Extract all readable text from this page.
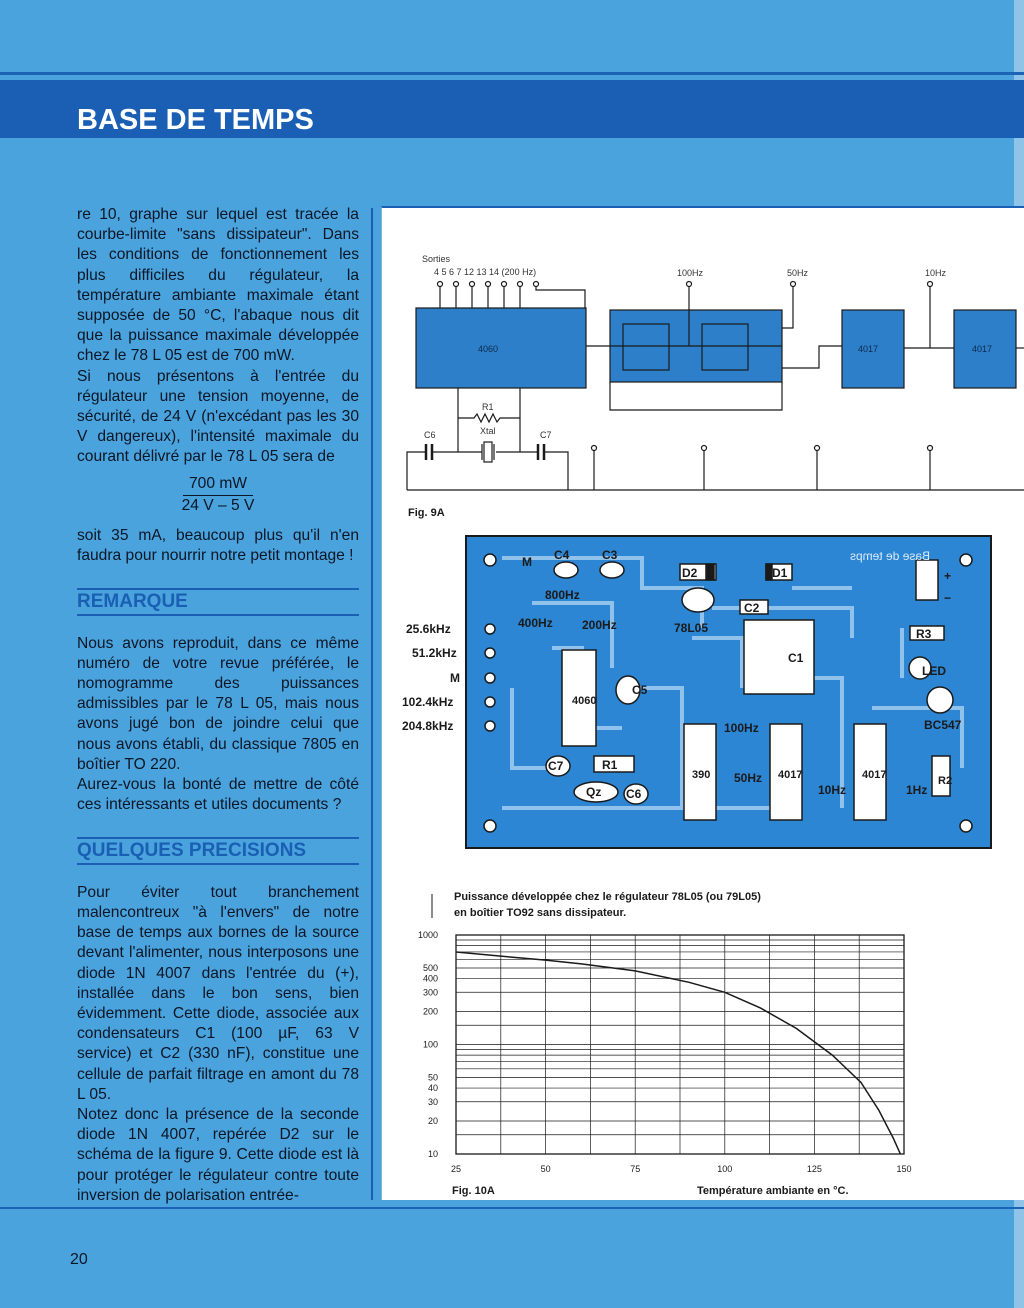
BASE DE TEMPS

re 10, graphe sur lequel est tracée la courbe-limite "sans dissipateur". Dans les conditions de fonctionnement les plus difficiles du régulateur, la température ambiante maximale étant supposée de 50 °C, l'abaque nous dit que la puissance maximale développée chez le 78 L 05 est de 700 mW.

Si nous présentons à l'entrée du régulateur une tension moyenne, de sécurité, de 24 V (n'excédant pas les 30 V dangereux), l'intensité maximale du courant délivré par le 78 L 05 sera de

700 mW
24 V – 5 V

soit 35 mA, beaucoup plus qu'il n'en faudra pour nourrir notre petit montage !

REMARQUE

Nous avons reproduit, dans ce même numéro de votre revue préférée, le nomogramme des puissances admissibles par le 78 L 05, mais nous avons jugé bon de joindre celui que nous avons établi, du classique 7805 en boîtier TO 220.

Aurez-vous la bonté de mettre de côté ces intéressants et utiles documents ?

QUELQUES PRECISIONS

Pour éviter tout branchement malencontreux "à l'envers" de notre base de temps aux bornes de la source devant l'alimenter, nous interposons une diode 1N 4007 dans l'entrée du (+), installée dans le bon sens, bien évidemment. Cette diode, associée aux condensateurs C1 (100 µF, 63 V service) et C2 (330 nF), constitue une cellule de parfait filtrage en amont du 78 L 05.

Notez donc la présence de la seconde diode 1N 4007, repérée D2 sur le schéma de la figure 9. Cette diode est là pour protéger le régulateur contre toute inversion de polarisation entrée-

Sorties
4 5 6 7 12 13 14 (200 Hz)	100Hz	50Hz	10Hz
4060	4017	4017
R1
Xtal
C6	C7
Fig. 9A
25.6kHz
51.2kHz
M
102.4kHz
204.8kHz
C4	C3
M
800Hz
400Hz 200Hz
D2	D1
C2
78L05
C1
R3
LED
BC547
C5
C7	R1
Qz C6
100Hz
50Hz
10Hz	1Hz
+
−
4060
390	4017	4017	R2
Base de temps
Puissance développée chez le régulateur 78L05 (ou 79L05)
en boîtier TO92 sans dissipateur.
1000
500
400
300
200
100
50
40
30
20
10
25	50	75	100	125	150
Fig. 10A	Température ambiante en °C.
20
